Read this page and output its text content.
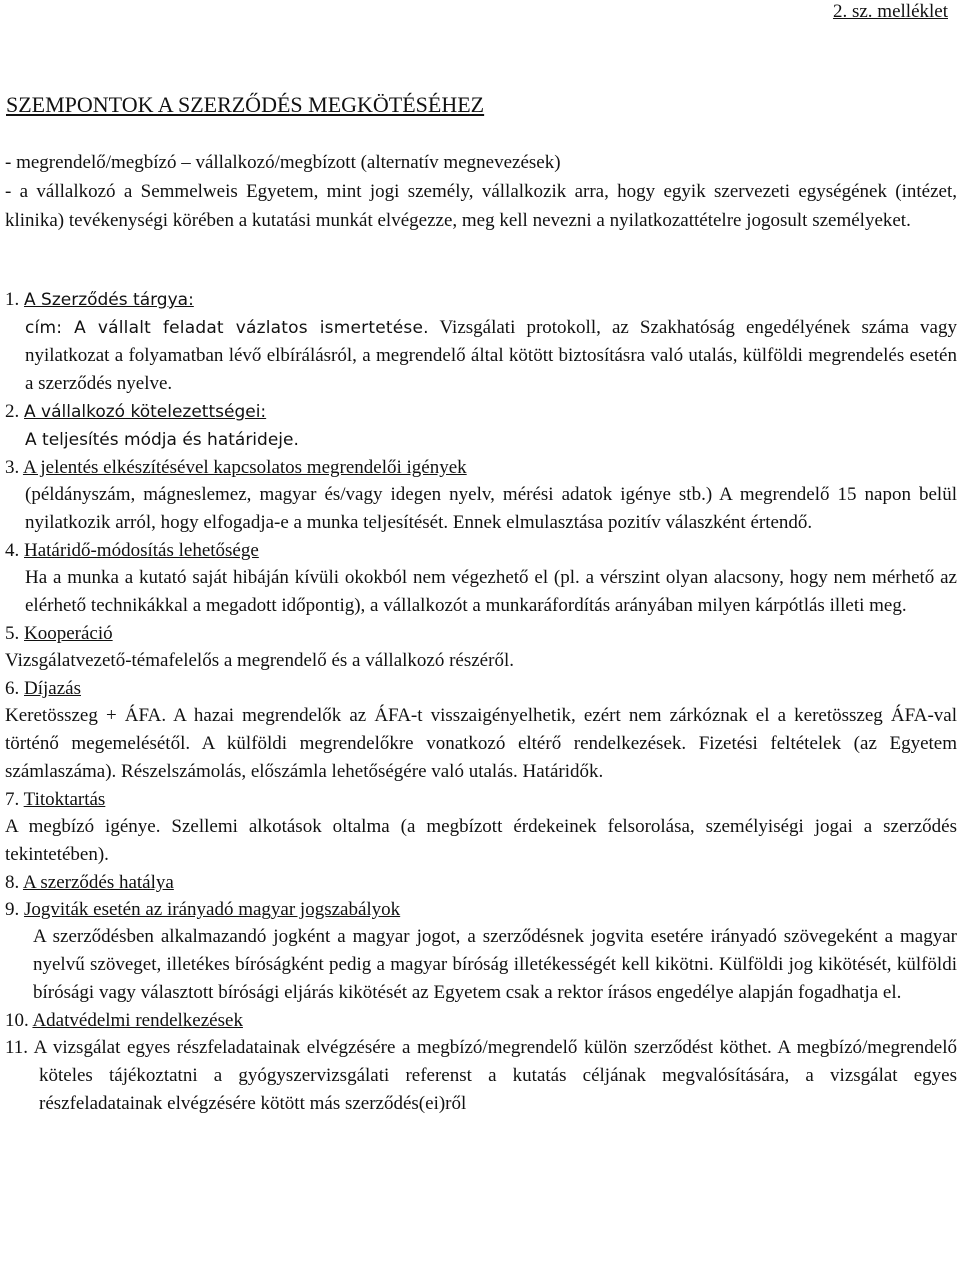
2. sz. melléklet
SZEMPONTOK A SZERZŐDÉS MEGKÖTÉSÉHEZ
- megrendelő/megbízó – vállalkozó/megbízott (alternatív megnevezések)
- a vállalkozó a Semmelweis Egyetem, mint jogi személy, vállalkozik arra, hogy egyik szervezeti egységének (intézet, klinika) tevékenységi körében a kutatási munkát elvégezze, meg kell nevezni a nyilatkozattételre jogosult személyeket.

1. A Szerződés tárgya:

cím: A vállalt feladat vázlatos ismertetése. Vizsgálati protokoll, az Szakhatóság engedélyének száma vagy nyilatkozat a folyamatban lévő elbírálásról, a megrendelő által kötött biztosításra való utalás, külföldi megrendelés esetén a szerződés nyelve.

2. A vállalkozó kötelezettségei:

A teljesítés módja és határideje.

3. A jelentés elkészítésével kapcsolatos megrendelői igények

(példányszám, mágneslemez, magyar és/vagy idegen nyelv, mérési adatok igénye stb.) A megrendelő 15 napon belül nyilatkozik arról, hogy elfogadja-e a munka teljesítését. Ennek elmulasztása pozitív válaszként értendő.

4. Határidő-módosítás lehetősége

Ha a munka a kutató saját hibáján kívüli okokból nem végezhető el (pl. a vérszint olyan alacsony, hogy nem mérhető az elérhető technikákkal a megadott időpontig), a vállalkozót a munkaráfordítás arányában milyen kárpótlás illeti meg.

5. Kooperáció

Vizsgálatvezető-témafelelős a megrendelő és a vállalkozó részéről.

6. Díjazás

Keretösszeg + ÁFA. A hazai megrendelők az ÁFA-t visszaigényelhetik, ezért nem zárkóznak el a keretösszeg ÁFA-val történő megemelésétől. A külföldi megrendelőkre vonatkozó eltérő rendelkezések. Fizetési feltételek (az Egyetem számlaszáma). Részelszámolás, előszámla lehetőségére való utalás. Határidők.

7. Titoktartás

A megbízó igénye. Szellemi alkotások oltalma (a megbízott érdekeinek felsorolása, személyiségi jogai a szerződés tekintetében).

8. A szerződés hatálya

9. Jogviták esetén az irányadó magyar jogszabályok

A szerződésben alkalmazandó jogként a magyar jogot, a szerződésnek jogvita esetére irányadó szövegeként a magyar nyelvű szöveget, illetékes bíróságként pedig a magyar bíróság illetékességét kell kikötni. Külföldi jog kikötését, külföldi bírósági vagy választott bírósági eljárás kikötését az Egyetem csak a rektor írásos engedélye alapján fogadhatja el.

10. Adatvédelmi rendelkezések

11. A vizsgálat egyes részfeladatainak elvégzésére a megbízó/megrendelő külön szerződést köthet. A megbízó/megrendelő köteles tájékoztatni a gyógyszervizsgálati referenst a kutatás céljának megvalósítására, a vizsgálat egyes részfeladatainak elvégzésére kötött más szerződés(ei)ről
